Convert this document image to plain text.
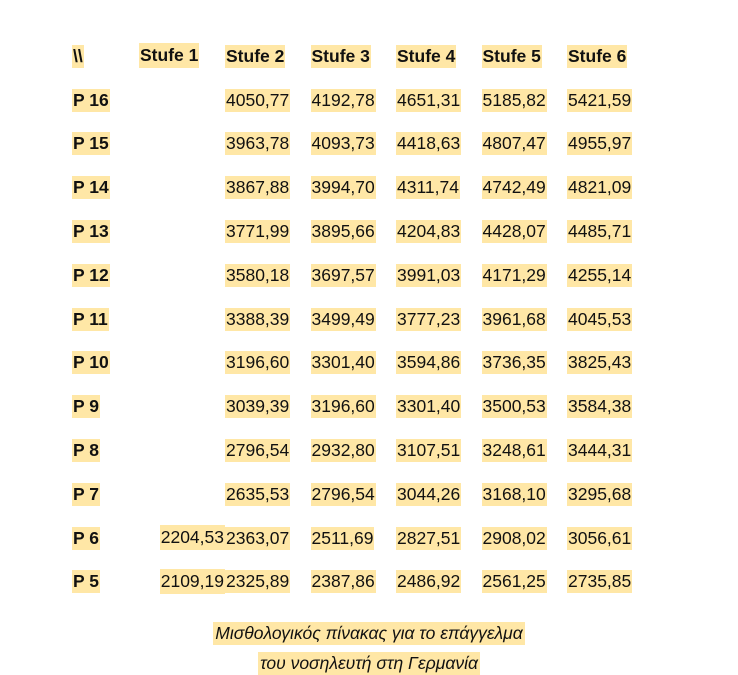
\\	Stufe 1	Stufe 2	Stufe 3	Stufe 4	Stufe 5	Stufe 6
P 16		4050,77	4192,78	4651,31	5185,82	5421,59
P 15		3963,78	4093,73	4418,63	4807,47	4955,97
P 14		3867,88	3994,70	4311,74	4742,49	4821,09
P 13		3771,99	3895,66	4204,83	4428,07	4485,71
P 12		3580,18	3697,57	3991,03	4171,29	4255,14
P 11		3388,39	3499,49	3777,23	3961,68	4045,53
P 10		3196,60	3301,40	3594,86	3736,35	3825,43
P 9		3039,39	3196,60	3301,40	3500,53	3584,38
P 8		2796,54	2932,80	3107,51	3248,61	3444,31
P 7		2635,53	2796,54	3044,26	3168,10	3295,68
P 6	2204,53	2363,07	2511,69	2827,51	2908,02	3056,61
P 5	2109,19	2325,89	2387,86	2486,92	2561,25	2735,85
Μισθολογικός πίνακας για το επάγγελμα
του νοσηλευτή στη Γερμανία
